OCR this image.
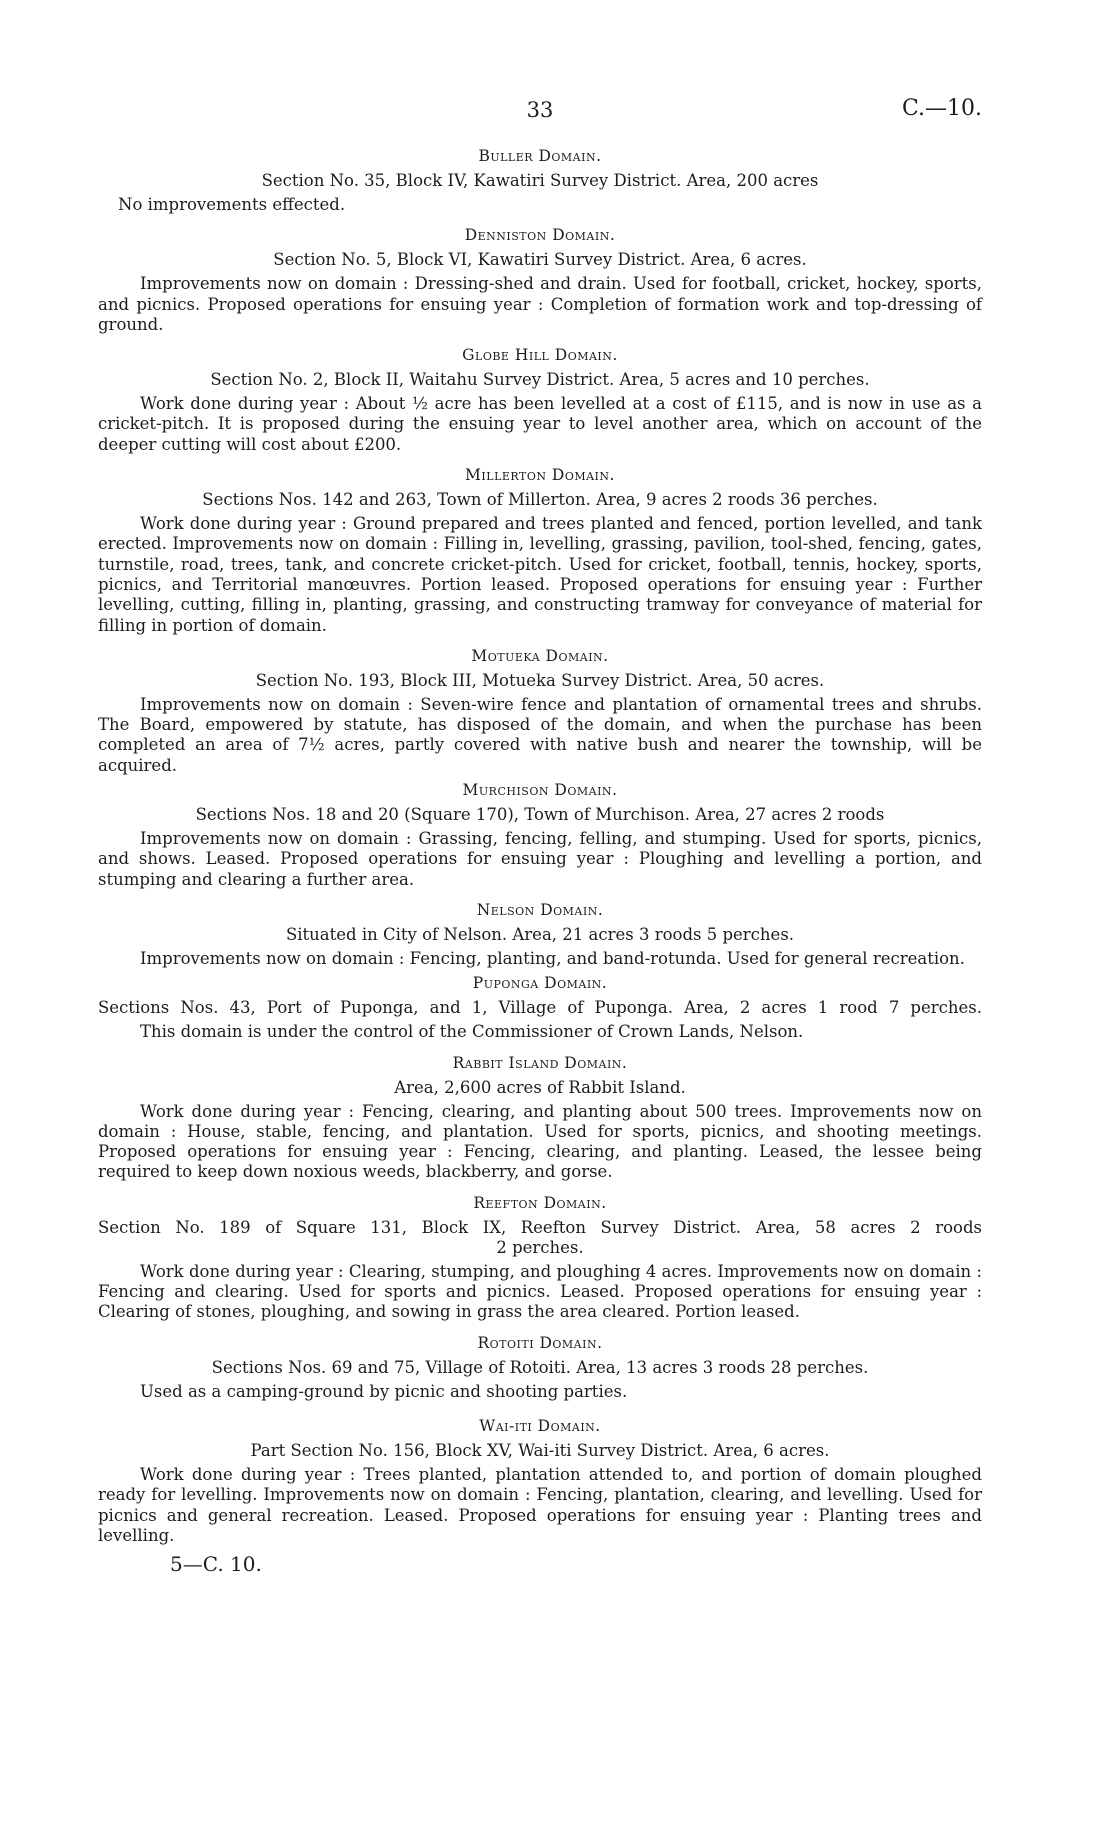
33	C.—10.
Buller Domain.
Section No. 35, Block IV, Kawatiri Survey District. Area, 200 acres
No improvements effected.
Denniston Domain.
Section No. 5, Block VI, Kawatiri Survey District. Area, 6 acres.
Improvements now on domain : Dressing-shed and drain. Used for football, cricket, hockey, sports, and picnics. Proposed operations for ensuing year : Completion of formation work and top-dressing of ground.
Globe Hill Domain.
Section No. 2, Block II, Waitahu Survey District. Area, 5 acres and 10 perches.
Work done during year : About ½ acre has been levelled at a cost of £115, and is now in use as a cricket-pitch. It is proposed during the ensuing year to level another area, which on account of the deeper cutting will cost about £200.
Millerton Domain.
Sections Nos. 142 and 263, Town of Millerton. Area, 9 acres 2 roods 36 perches.
Work done during year : Ground prepared and trees planted and fenced, portion levelled, and tank erected. Improvements now on domain : Filling in, levelling, grassing, pavilion, tool-shed, fencing, gates, turnstile, road, trees, tank, and concrete cricket-pitch. Used for cricket, football, tennis, hockey, sports, picnics, and Territorial manœuvres. Portion leased. Proposed operations for ensuing year : Further levelling, cutting, filling in, planting, grassing, and constructing tramway for conveyance of material for filling in portion of domain.
Motueka Domain.
Section No. 193, Block III, Motueka Survey District. Area, 50 acres.
Improvements now on domain : Seven-wire fence and plantation of ornamental trees and shrubs. The Board, empowered by statute, has disposed of the domain, and when the purchase has been completed an area of 7½ acres, partly covered with native bush and nearer the township, will be acquired.
Murchison Domain.
Sections Nos. 18 and 20 (Square 170), Town of Murchison. Area, 27 acres 2 roods
Improvements now on domain : Grassing, fencing, felling, and stumping. Used for sports, picnics, and shows. Leased. Proposed operations for ensuing year : Ploughing and levelling a portion, and stumping and clearing a further area.
Nelson Domain.
Situated in City of Nelson. Area, 21 acres 3 roods 5 perches.
Improvements now on domain : Fencing, planting, and band-rotunda. Used for general recreation.
Puponga Domain.
Sections Nos. 43, Port of Puponga, and 1, Village of Puponga. Area, 2 acres 1 rood 7 perches.
This domain is under the control of the Commissioner of Crown Lands, Nelson.
Rabbit Island Domain.
Area, 2,600 acres of Rabbit Island.
Work done during year : Fencing, clearing, and planting about 500 trees. Improvements now on domain : House, stable, fencing, and plantation. Used for sports, picnics, and shooting meetings. Proposed operations for ensuing year : Fencing, clearing, and planting. Leased, the lessee being required to keep down noxious weeds, blackberry, and gorse.
Reefton Domain.
Section No. 189 of Square 131, Block IX, Reefton Survey District. Area, 58 acres 2 roods
2 perches.
Work done during year : Clearing, stumping, and ploughing 4 acres. Improvements now on domain : Fencing and clearing. Used for sports and picnics. Leased. Proposed operations for ensuing year : Clearing of stones, ploughing, and sowing in grass the area cleared. Portion leased.
Rotoiti Domain.
Sections Nos. 69 and 75, Village of Rotoiti. Area, 13 acres 3 roods 28 perches.
Used as a camping-ground by picnic and shooting parties.
Wai-iti Domain.
Part Section No. 156, Block XV, Wai-iti Survey District. Area, 6 acres.
Work done during year : Trees planted, plantation attended to, and portion of domain ploughed ready for levelling. Improvements now on domain : Fencing, plantation, clearing, and levelling. Used for picnics and general recreation. Leased. Proposed operations for ensuing year : Planting trees and levelling.
5—C. 10.
